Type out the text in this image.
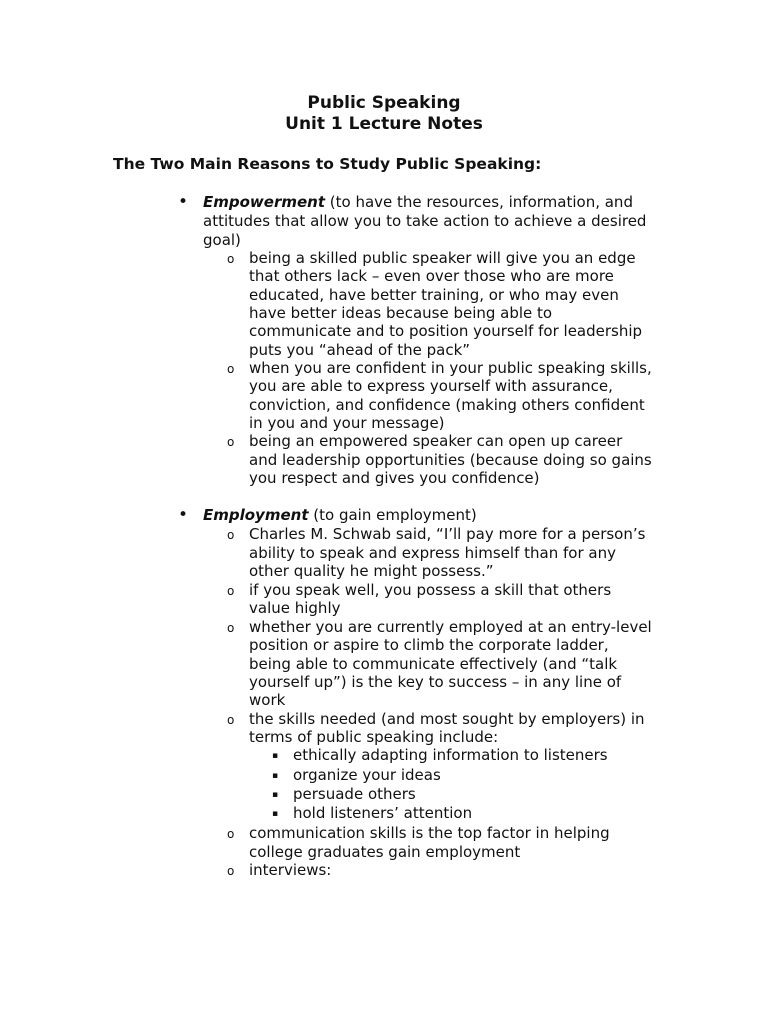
Public Speaking
Unit 1 Lecture Notes
The Two Main Reasons to Study Public Speaking:
• Empowerment (to have the resources, information, and
attitudes that allow you to take action to achieve a desired
goal)
o being a skilled public speaker will give you an edge
that others lack – even over those who are more
educated, have better training, or who may even
have better ideas because being able to
communicate and to position yourself for leadership
puts you “ahead of the pack”
o when you are confident in your public speaking skills,
you are able to express yourself with assurance,
conviction, and confidence (making others confident
in you and your message)
o being an empowered speaker can open up career
and leadership opportunities (because doing so gains
you respect and gives you confidence)
• Employment (to gain employment)
o Charles M. Schwab said, “I’ll pay more for a person’s
ability to speak and express himself than for any
other quality he might possess.”
o if you speak well, you possess a skill that others
value highly
o whether you are currently employed at an entry-level
position or aspire to climb the corporate ladder,
being able to communicate effectively (and “talk
yourself up”) is the key to success – in any line of
work
o the skills needed (and most sought by employers) in
terms of public speaking include:
▪ ethically adapting information to listeners
▪ organize your ideas
▪ persuade others
▪ hold listeners’ attention
o communication skills is the top factor in helping
college graduates gain employment
o interviews:
